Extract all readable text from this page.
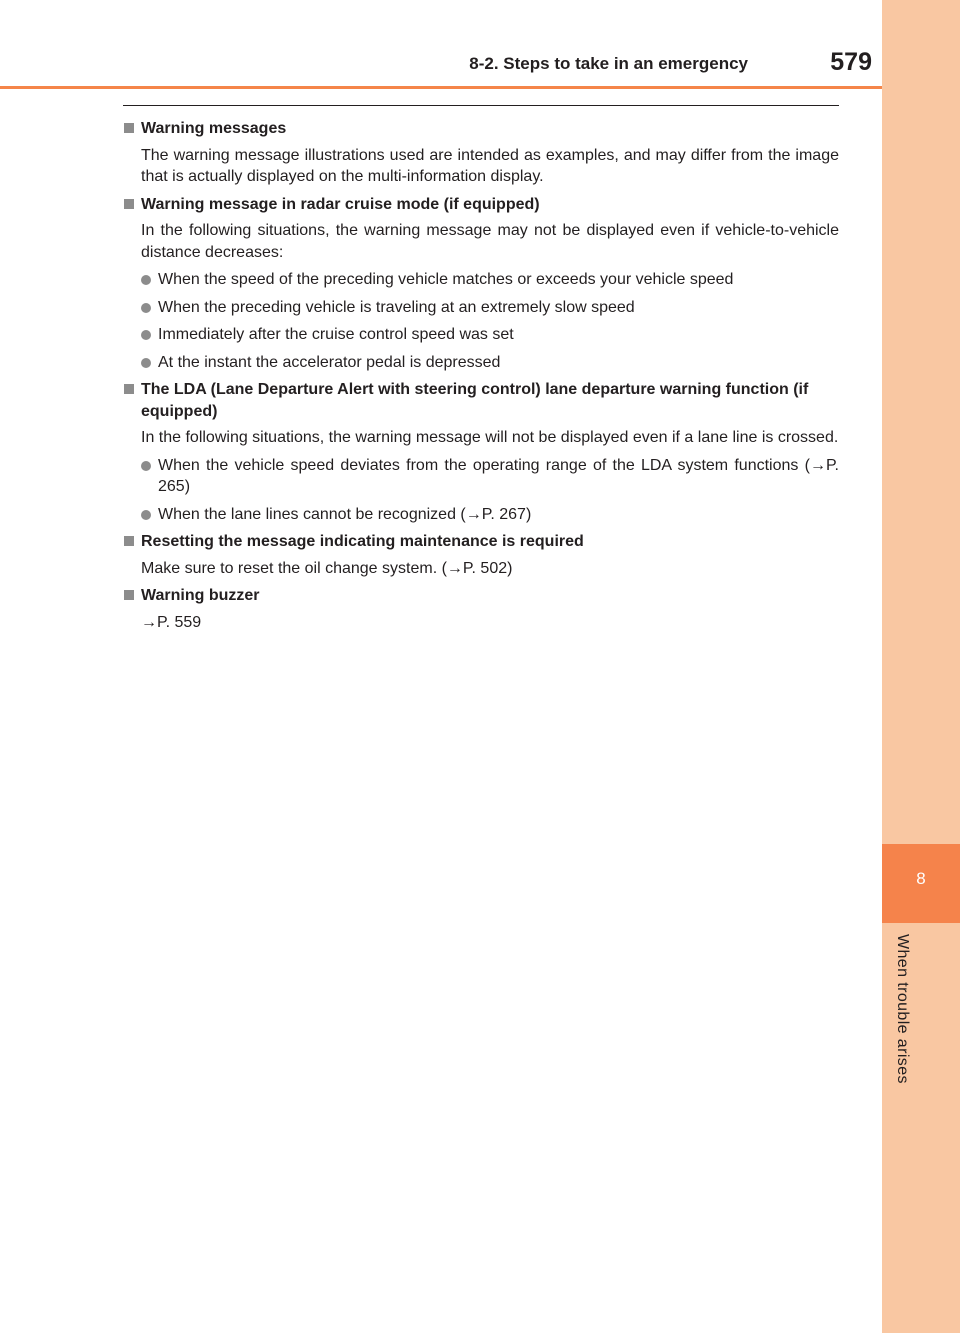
8
When trouble arises
8-2. Steps to take in an emergency	579
Warning messages
The warning message illustrations used are intended as examples, and may differ from the image that is actually displayed on the multi-information display.
Warning message in radar cruise mode (if equipped)
In the following situations, the warning message may not be displayed even if vehicle-to-vehicle distance decreases:
When the speed of the preceding vehicle matches or exceeds your vehicle speed
When the preceding vehicle is traveling at an extremely slow speed
Immediately after the cruise control speed was set
At the instant the accelerator pedal is depressed
The LDA (Lane Departure Alert with steering control) lane departure warning function (if equipped)
In the following situations, the warning message will not be displayed even if a lane line is crossed.
When the vehicle speed deviates from the operating range of the LDA system functions (→P. 265)
When the lane lines cannot be recognized (→P. 267)
Resetting the message indicating maintenance is required
Make sure to reset the oil change system. (→P. 502)
Warning buzzer
→P. 559
